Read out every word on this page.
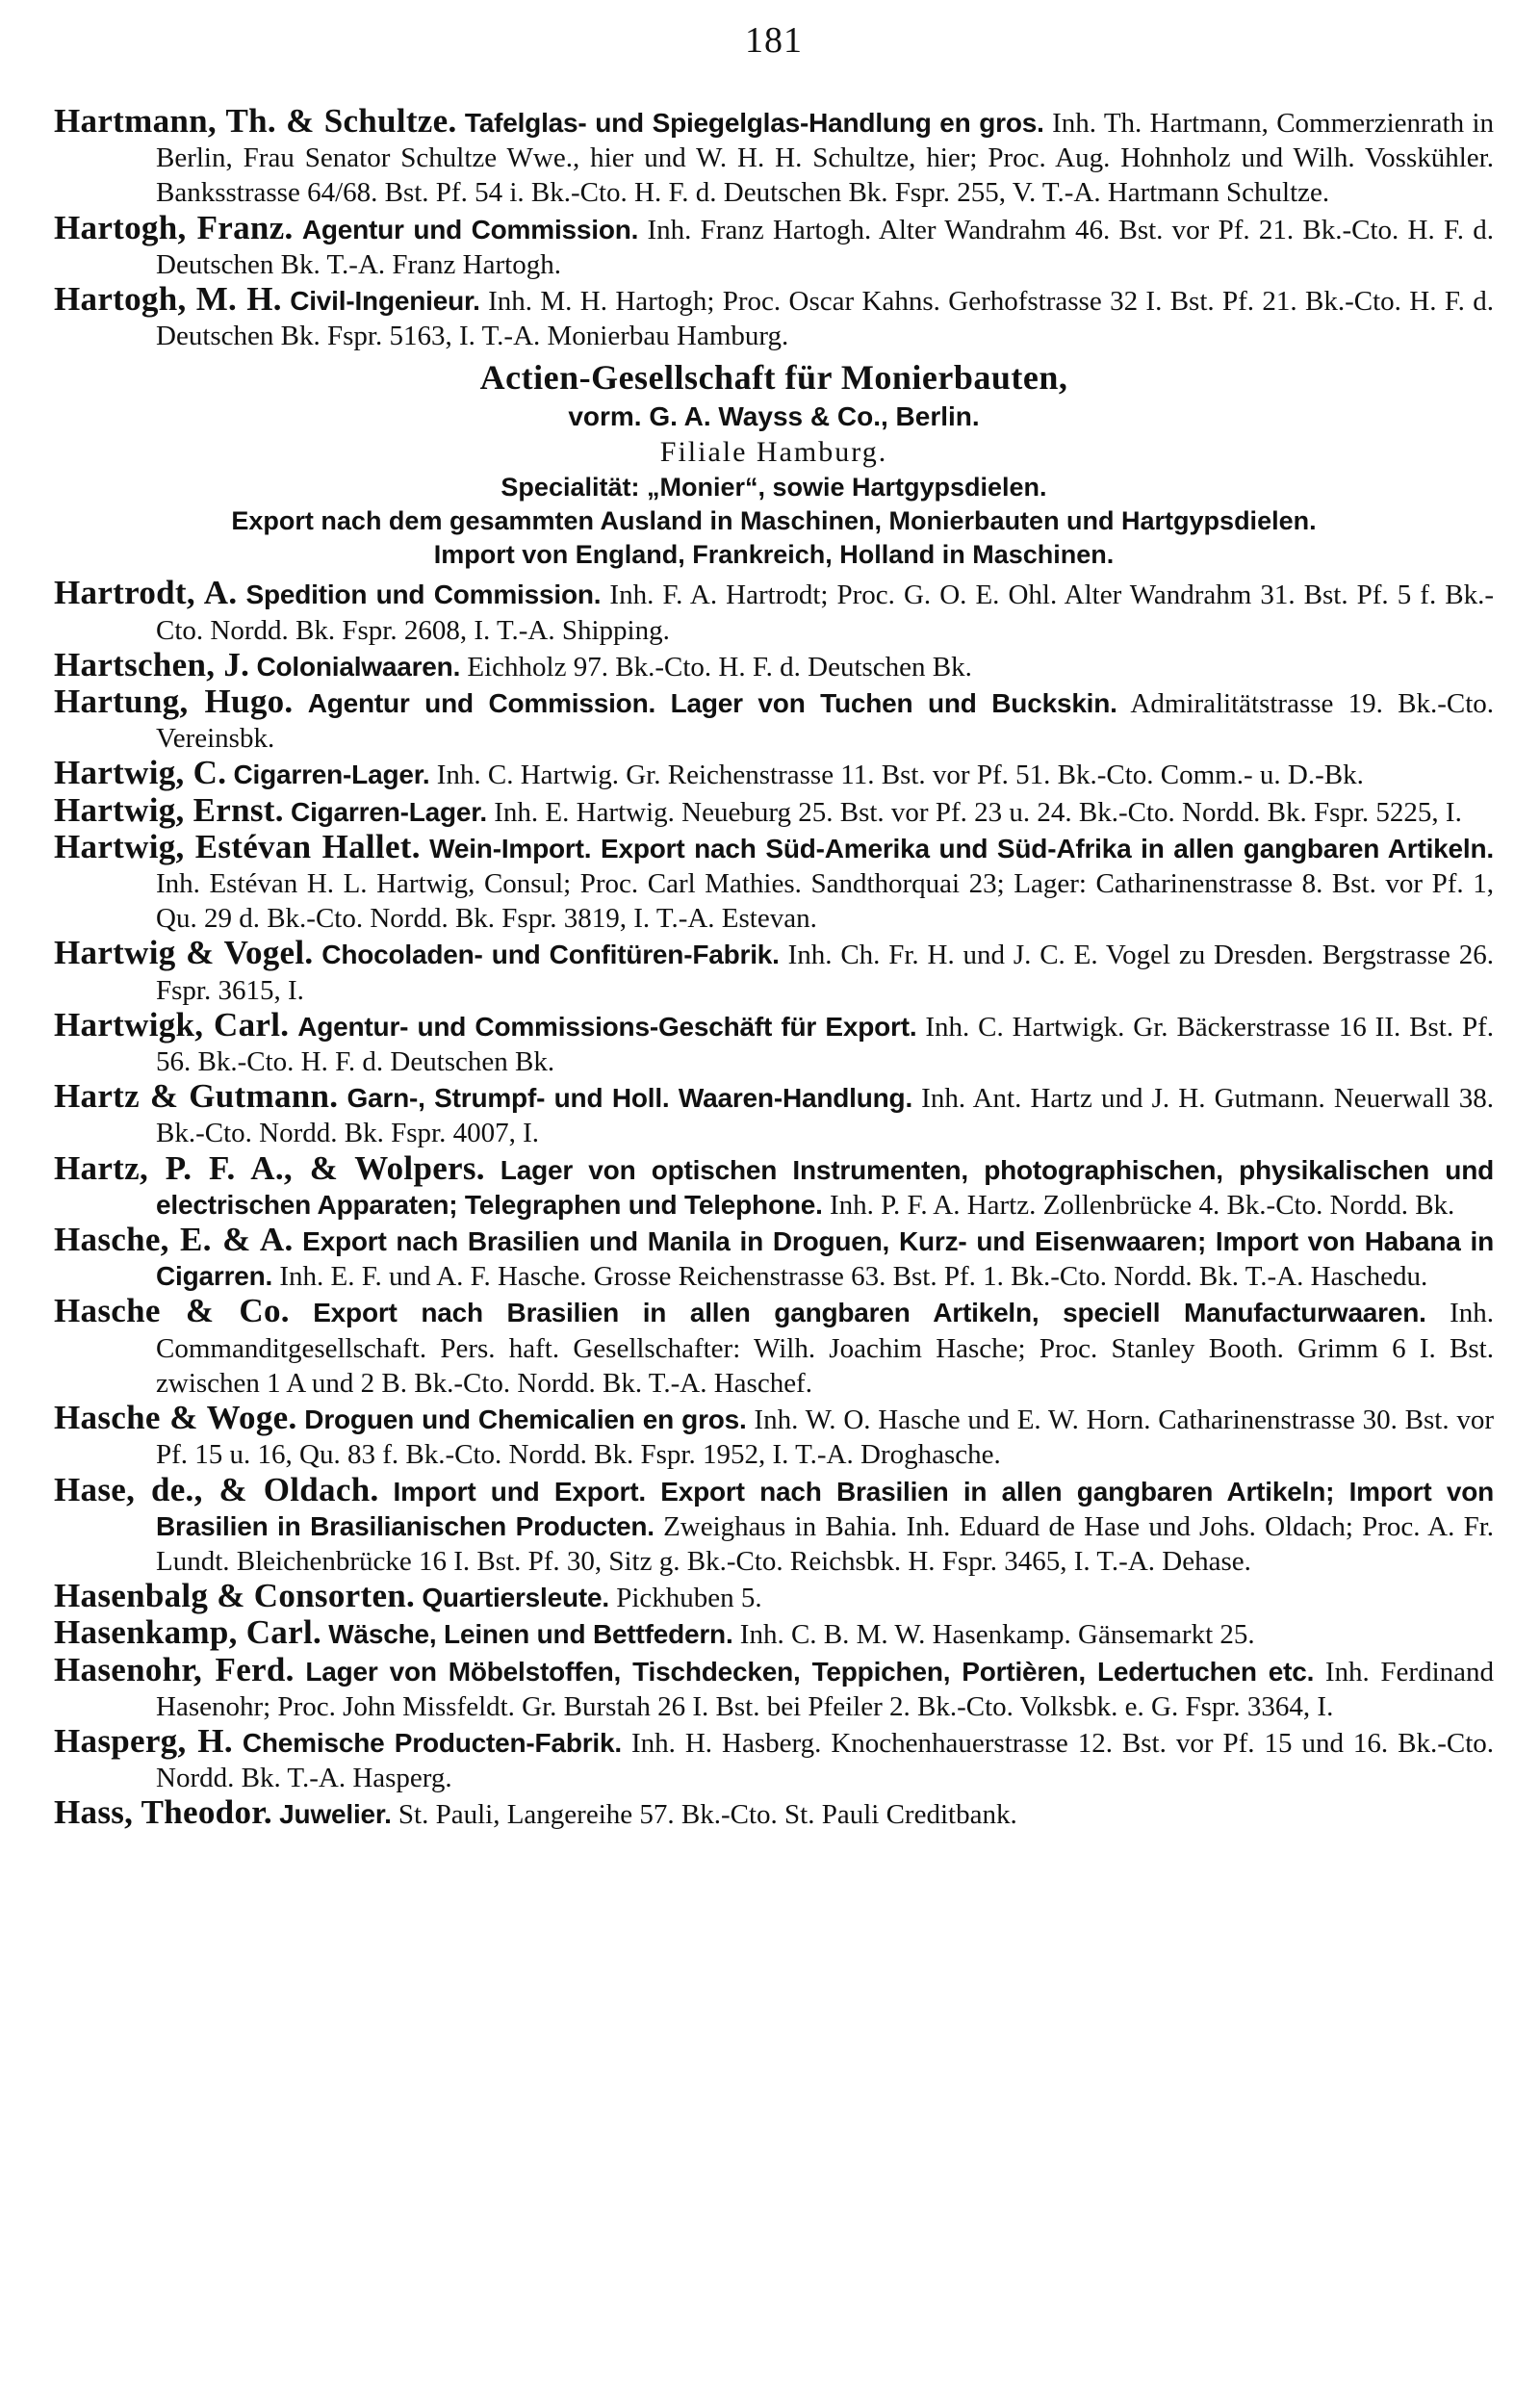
181

Hartmann, Th. & Schultze. Tafelglas- und Spiegelglas-Handlung en gros. Inh. Th. Hartmann, Commerzienrath in Berlin, Frau Senator Schultze Wwe., hier und W. H. H. Schultze, hier; Proc. Aug. Hohnholz und Wilh. Vosskühler. Banksstrasse 64/68. Bst. Pf. 54 i. Bk.-Cto. H. F. d. Deutschen Bk. Fspr. 255, V. T.-A. Hartmann Schultze.

Hartogh, Franz. Agentur und Commission. Inh. Franz Hartogh. Alter Wandrahm 46. Bst. vor Pf. 21. Bk.-Cto. H. F. d. Deutschen Bk. T.-A. Franz Hartogh.

Hartogh, M. H. Civil-Ingenieur. Inh. M. H. Hartogh; Proc. Oscar Kahns. Gerhofstrasse 32 I. Bst. Pf. 21. Bk.-Cto. H. F. d. Deutschen Bk. Fspr. 5163, I. T.-A. Monierbau Hamburg.

Actien-Gesellschaft für Monierbauten,
vorm. G. A. Wayss & Co., Berlin.
Filiale Hamburg.
Specialität: „Monier“, sowie Hartgypsdielen.
Export nach dem gesammten Ausland in Maschinen, Monierbauten und Hartgypsdielen.
Import von England, Frankreich, Holland in Maschinen.

Hartrodt, A. Spedition und Commission. Inh. F. A. Hartrodt; Proc. G. O. E. Ohl. Alter Wandrahm 31. Bst. Pf. 5 f. Bk.-Cto. Nordd. Bk. Fspr. 2608, I. T.-A. Shipping.

Hartschen, J. Colonialwaaren. Eichholz 97. Bk.-Cto. H. F. d. Deutschen Bk.

Hartung, Hugo. Agentur und Commission. Lager von Tuchen und Buckskin. Admiralitätstrasse 19. Bk.-Cto. Vereinsbk.

Hartwig, C. Cigarren-Lager. Inh. C. Hartwig. Gr. Reichenstrasse 11. Bst. vor Pf. 51. Bk.-Cto. Comm.- u. D.-Bk.

Hartwig, Ernst. Cigarren-Lager. Inh. E. Hartwig. Neueburg 25. Bst. vor Pf. 23 u. 24. Bk.-Cto. Nordd. Bk. Fspr. 5225, I.

Hartwig, Estévan Hallet. Wein-Import. Export nach Süd-Amerika und Süd-Afrika in allen gangbaren Artikeln. Inh. Estévan H. L. Hartwig, Consul; Proc. Carl Mathies. Sandthorquai 23; Lager: Catharinenstrasse 8. Bst. vor Pf. 1, Qu. 29 d. Bk.-Cto. Nordd. Bk. Fspr. 3819, I. T.-A. Estevan.

Hartwig & Vogel. Chocoladen- und Confitüren-Fabrik. Inh. Ch. Fr. H. und J. C. E. Vogel zu Dresden. Bergstrasse 26. Fspr. 3615, I.

Hartwigk, Carl. Agentur- und Commissions-Geschäft für Export. Inh. C. Hartwigk. Gr. Bäckerstrasse 16 II. Bst. Pf. 56. Bk.-Cto. H. F. d. Deutschen Bk.

Hartz & Gutmann. Garn-, Strumpf- und Holl. Waaren-Handlung. Inh. Ant. Hartz und J. H. Gutmann. Neuerwall 38. Bk.-Cto. Nordd. Bk. Fspr. 4007, I.

Hartz, P. F. A., & Wolpers. Lager von optischen Instrumenten, photographischen, physikalischen und electrischen Apparaten; Telegraphen und Telephone. Inh. P. F. A. Hartz. Zollenbrücke 4. Bk.-Cto. Nordd. Bk.

Hasche, E. & A. Export nach Brasilien und Manila in Droguen, Kurz- und Eisenwaaren; Import von Habana in Cigarren. Inh. E. F. und A. F. Hasche. Grosse Reichenstrasse 63. Bst. Pf. 1. Bk.-Cto. Nordd. Bk. T.-A. Haschedu.

Hasche & Co. Export nach Brasilien in allen gangbaren Artikeln, speciell Manufacturwaaren. Inh. Commanditgesellschaft. Pers. haft. Gesellschafter: Wilh. Joachim Hasche; Proc. Stanley Booth. Grimm 6 I. Bst. zwischen 1 A und 2 B. Bk.-Cto. Nordd. Bk. T.-A. Haschef.

Hasche & Woge. Droguen und Chemicalien en gros. Inh. W. O. Hasche und E. W. Horn. Catharinenstrasse 30. Bst. vor Pf. 15 u. 16, Qu. 83 f. Bk.-Cto. Nordd. Bk. Fspr. 1952, I. T.-A. Droghasche.

Hase, de., & Oldach. Import und Export. Export nach Brasilien in allen gangbaren Artikeln; Import von Brasilien in Brasilianischen Producten. Zweighaus in Bahia. Inh. Eduard de Hase und Johs. Oldach; Proc. A. Fr. Lundt. Bleichenbrücke 16 I. Bst. Pf. 30, Sitz g. Bk.-Cto. Reichsbk. H. Fspr. 3465, I. T.-A. Dehase.

Hasenbalg & Consorten. Quartiersleute. Pickhuben 5.

Hasenkamp, Carl. Wäsche, Leinen und Bettfedern. Inh. C. B. M. W. Hasenkamp. Gänsemarkt 25.

Hasenohr, Ferd. Lager von Möbelstoffen, Tischdecken, Teppichen, Portièren, Ledertuchen etc. Inh. Ferdinand Hasenohr; Proc. John Missfeldt. Gr. Burstah 26 I. Bst. bei Pfeiler 2. Bk.-Cto. Volksbk. e. G. Fspr. 3364, I.

Hasperg, H. Chemische Producten-Fabrik. Inh. H. Hasberg. Knochenhauerstrasse 12. Bst. vor Pf. 15 und 16. Bk.-Cto. Nordd. Bk. T.-A. Hasperg.

Hass, Theodor. Juwelier. St. Pauli, Langereihe 57. Bk.-Cto. St. Pauli Creditbank.
